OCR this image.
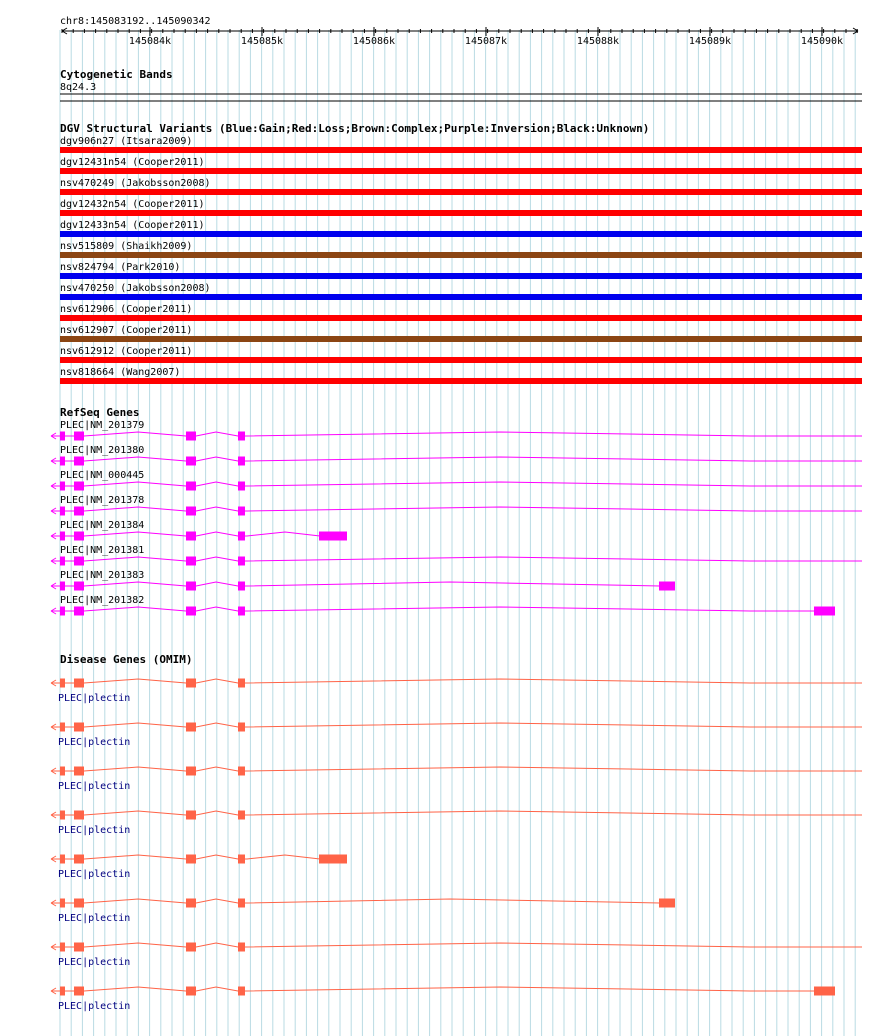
chr8:145083192..145090342
145084k	145085k	145086k	145087k	145088k	145089k	145090k
Cytogenetic Bands
8q24.3
DGV Structural Variants (Blue:Gain;Red:Loss;Brown:Complex;Purple:Inversion;Black:Unknown)
dgv906n27 (Itsara2009)
dgv12431n54 (Cooper2011)
nsv470249 (Jakobsson2008)
dgv12432n54 (Cooper2011)
dgv12433n54 (Cooper2011)
nsv515809 (Shaikh2009)
nsv824794 (Park2010)
nsv470250 (Jakobsson2008)
nsv612906 (Cooper2011)
nsv612907 (Cooper2011)
nsv612912 (Cooper2011)
nsv818664 (Wang2007)
RefSeq Genes
PLEC|NM_201379
PLEC|NM_201380
PLEC|NM_000445
PLEC|NM_201378
PLEC|NM_201384
PLEC|NM_201381
PLEC|NM_201383
PLEC|NM_201382
Disease Genes (OMIM)
PLEC|plectin
PLEC|plectin
PLEC|plectin
PLEC|plectin
PLEC|plectin
PLEC|plectin
PLEC|plectin
PLEC|plectin
